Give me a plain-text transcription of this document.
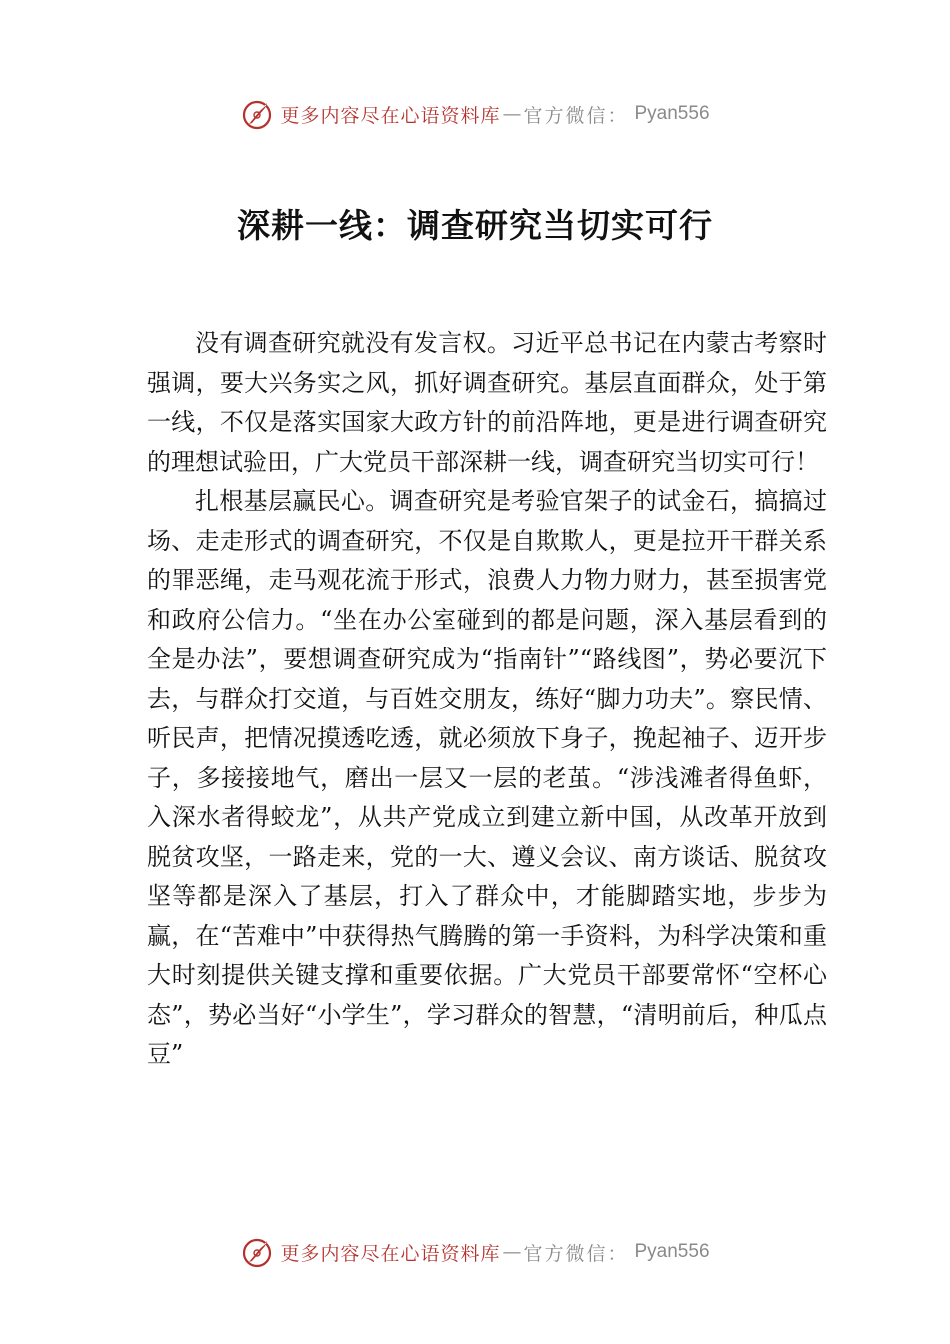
更多内容尽在心语资料库 — 官方微信： Pyan556
深耕一线：调查研究当切实可行

没有调查研究就没有发言权。习近平总书记在内蒙古考察时强调，要大兴务实之风，抓好调查研究。基层直面群众，处于第一线，不仅是落实国家大政方针的前沿阵地，更是进行调查研究的理想试验田，广大党员干部深耕一线，调查研究当切实可行！

扎根基层赢民心。调查研究是考验官架子的试金石，搞搞过场、走走形式的调查研究，不仅是自欺欺人，更是拉开干群关系的罪恶绳，走马观花流于形式，浪费人力物力财力，甚至损害党和政府公信力。“坐在办公室碰到的都是问题，深入基层看到的全是办法”，要想调查研究成为“指南针”“路线图”，势必要沉下去，与群众打交道，与百姓交朋友，练好“脚力功夫”。察民情、听民声，把情况摸透吃透，就必须放下身子，挽起袖子、迈开步子，多接接地气，磨出一层又一层的老茧。“涉浅滩者得鱼虾，入深水者得蛟龙”，从共产党成立到建立新中国，从改革开放到脱贫攻坚，一路走来，党的一大、遵义会议、南方谈话、脱贫攻坚等都是深入了基层，打入了群众中，才能脚踏实地，步步为赢，在“苦难中”中获得热气腾腾的第一手资料，为科学决策和重大时刻提供关键支撑和重要依据。广大党员干部要常怀“空杯心态”，势必当好“小学生”，学习群众的智慧，“清明前后，种瓜点豆”

更多内容尽在心语资料库 — 官方微信： Pyan556
